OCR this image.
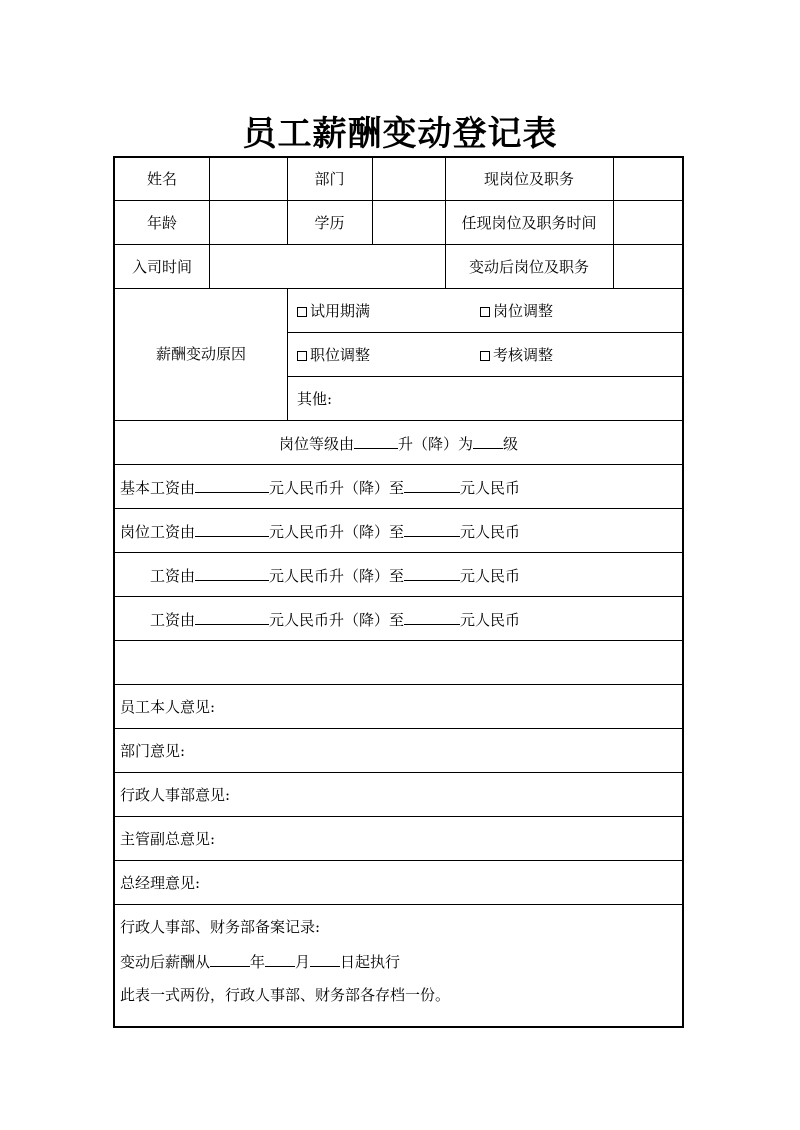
员工薪酬变动登记表
姓名	部门	现岗位及职务
年龄	学历	任现岗位及职务时间
入司时间	变动后岗位及职务
薪酬变动原因
试用期满	岗位调整
职位调整	考核调整
其他:
岗位等级由	升（降）为 级
基本工资由	元人民币升（降）至	元人民币
岗位工资由	元人民币升（降）至	元人民币
工资由	元人民币升（降）至	元人民币
工资由	元人民币升（降）至	元人民币
员工本人意见:
部门意见:
行政人事部意见:
主管副总意见:
总经理意见:
行政人事部、财务部备案记录:
变动后薪酬从	年 月 日起执行
此表一式两份，行政人事部、财务部各存档一份。
